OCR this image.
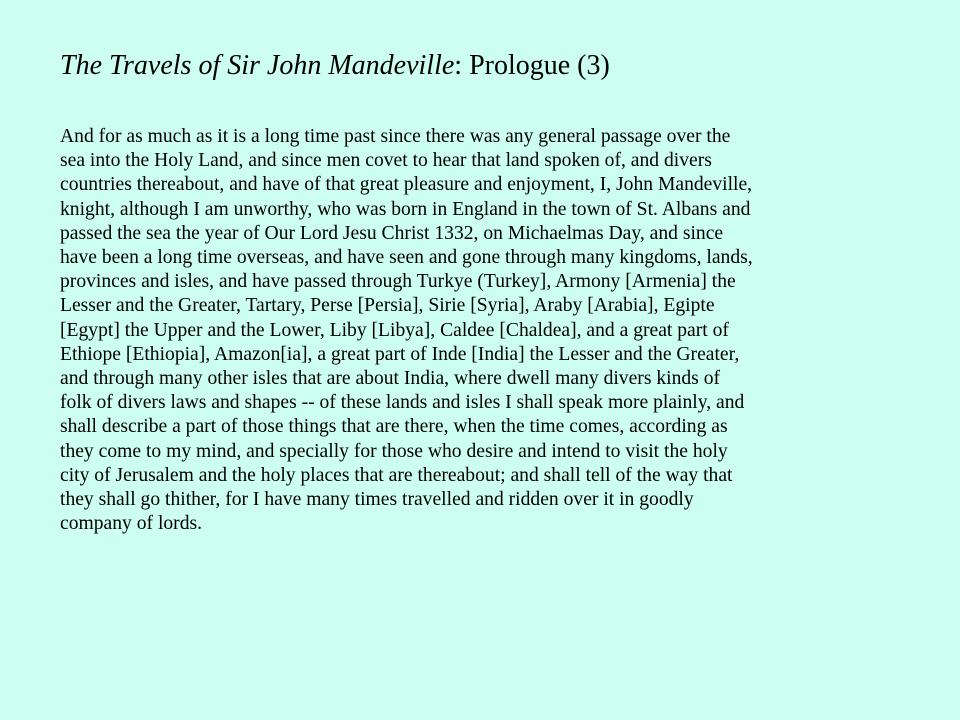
The Travels of Sir John Mandeville: Prologue (3)
And for as much as it is a long time past since there was any general passage over the
sea into the Holy Land, and since men covet to hear that land spoken of, and divers
countries thereabout, and have of that great pleasure and enjoyment, I, John Mandeville,
knight, although I am unworthy, who was born in England in the town of St. Albans and
passed the sea the year of Our Lord Jesu Christ 1332, on Michaelmas Day, and since
have been a long time overseas, and have seen and gone through many kingdoms, lands,
provinces and isles, and have passed through Turkye (Turkey], Armony [Armenia] the
Lesser and the Greater, Tartary, Perse [Persia], Sirie [Syria], Araby [Arabia], Egipte
[Egypt] the Upper and the Lower, Liby [Libya], Caldee [Chaldea], and a great part of
Ethiope [Ethiopia], Amazon[ia], a great part of Inde [India] the Lesser and the Greater,
and through many other isles that are about India, where dwell many divers kinds of
folk of divers laws and shapes -- of these lands and isles I shall speak more plainly, and
shall describe a part of those things that are there, when the time comes, according as
they come to my mind, and specially for those who desire and intend to visit the holy
city of Jerusalem and the holy places that are thereabout; and shall tell of the way that
they shall go thither, for I have many times travelled and ridden over it in goodly
company of lords.
